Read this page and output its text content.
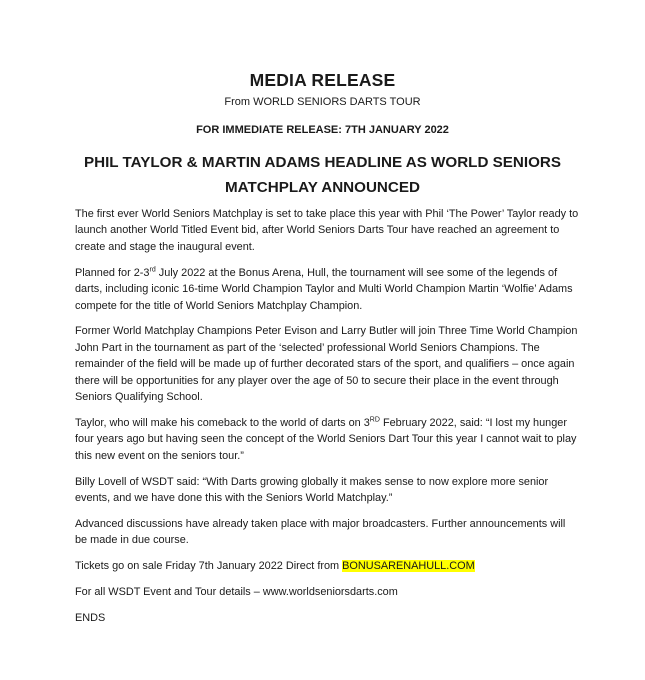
MEDIA RELEASE
From WORLD SENIORS DARTS TOUR
FOR IMMEDIATE RELEASE: 7TH JANUARY 2022
PHIL TAYLOR & MARTIN ADAMS HEADLINE AS WORLD SENIORS
MATCHPLAY ANNOUNCED

The first ever World Seniors Matchplay is set to take place this year with Phil ‘The Power’ Taylor ready to launch another World Titled Event bid, after World Seniors Darts Tour have reached an agreement to create and stage the inaugural event.

Planned for 2-3rd July 2022 at the Bonus Arena, Hull, the tournament will see some of the legends of darts, including iconic 16-time World Champion Taylor and Multi World Champion Martin ‘Wolfie’ Adams compete for the title of World Seniors Matchplay Champion.

Former World Matchplay Champions Peter Evison and Larry Butler will join Three Time World Champion John Part in the tournament as part of the ‘selected’ professional World Seniors Champions. The remainder of the field will be made up of further decorated stars of the sport, and qualifiers – once again there will be opportunities for any player over the age of 50 to secure their place in the event through Seniors Qualifying School.

Taylor, who will make his comeback to the world of darts on 3RD February 2022, said: “I lost my hunger four years ago but having seen the concept of the World Seniors Dart Tour this year I cannot wait to play this new event on the seniors tour.”

Billy Lovell of WSDT said: “With Darts growing globally it makes sense to now explore more senior events, and we have done this with the Seniors World Matchplay.”

Advanced discussions have already taken place with major broadcasters. Further announcements will be made in due course.

Tickets go on sale Friday 7th January 2022 Direct from BONUSARENAHULL.COM

For all WSDT Event and Tour details – www.worldseniorsdarts.com

ENDS
